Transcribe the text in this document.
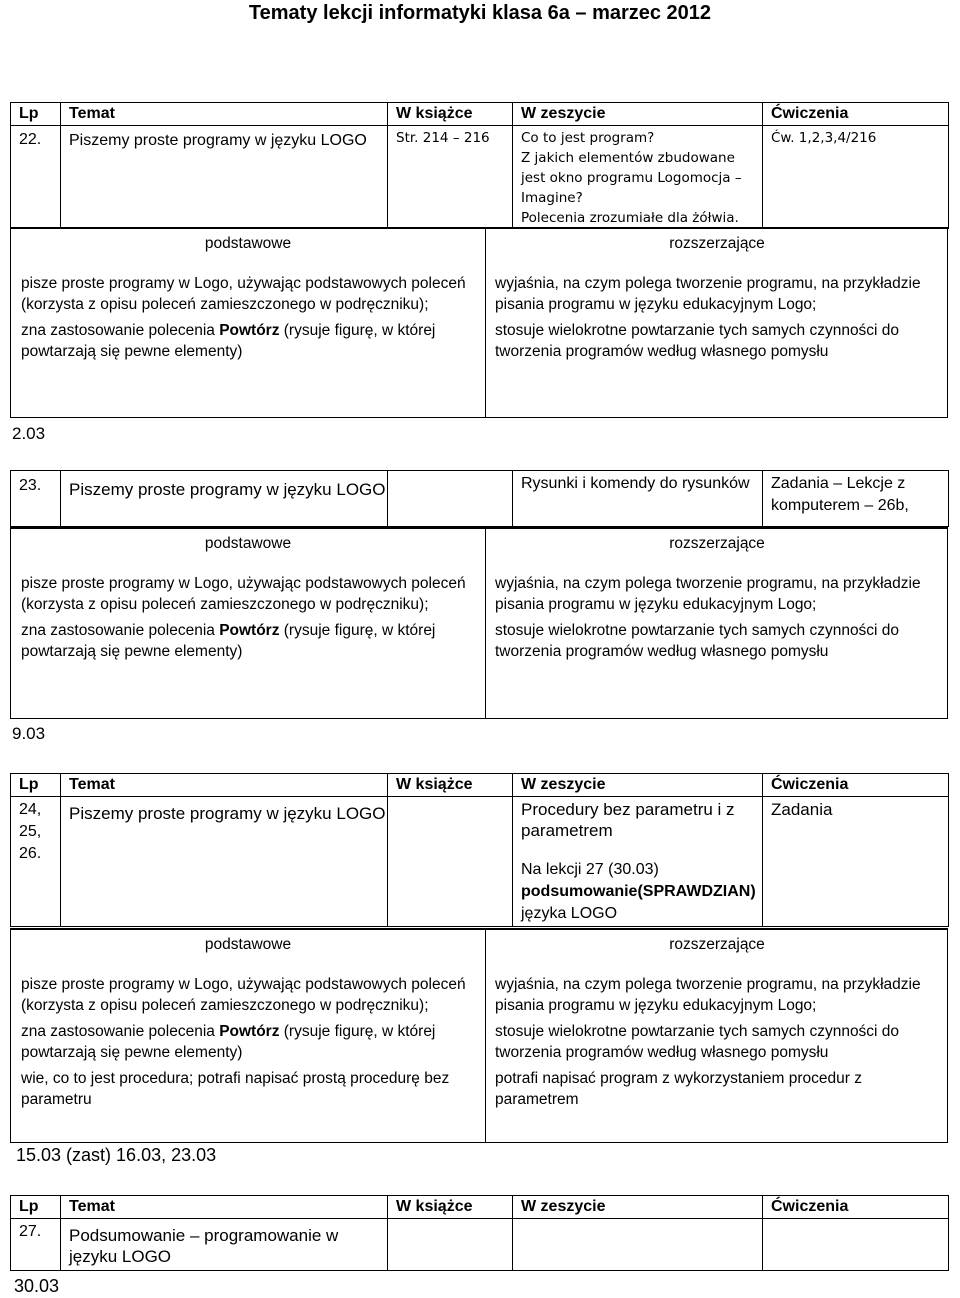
Tematy lekcji informatyki klasa 6a – marzec 2012
Lp	Temat	W książce	W zeszycie	Ćwiczenia
22.	Piszemy proste programy w języku LOGO	Str. 214 – 216	Co to jest program?
Z jakich elementów zbudowane jest okno programu Logomocja – Imagine?
Polecenia zrozumiałe dla żółwia.	Ćw. 1,2,3,4/216
podstawowe

pisze proste programy w Logo, używając podstawowych poleceń (korzysta z opisu poleceń zamieszczonego w podręczniku);

zna zastosowanie polecenia Powtórz (rysuje figurę, w której powtarzają się pewne elementy)

rozszerzające

wyjaśnia, na czym polega tworzenie programu, na przykładzie pisania programu w języku edukacyjnym Logo;

stosuje wielokrotne powtarzanie tych samych czynności do tworzenia programów według własnego pomysłu

2.03
23.	Piszemy proste programy w języku LOGO		Rysunki i komendy do rysunków	Zadania – Lekcje z komputerem – 26b,
podstawowe

pisze proste programy w Logo, używając podstawowych poleceń (korzysta z opisu poleceń zamieszczonego w podręczniku);

zna zastosowanie polecenia Powtórz (rysuje figurę, w której powtarzają się pewne elementy)

rozszerzające

wyjaśnia, na czym polega tworzenie programu, na przykładzie pisania programu w języku edukacyjnym Logo;

stosuje wielokrotne powtarzanie tych samych czynności do tworzenia programów według własnego pomysłu

9.03
Lp	Temat	W książce	W zeszycie	Ćwiczenia
24, 25, 26.	Piszemy proste programy w języku LOGO		Procedury bez parametru i z parametrem
Na lekcji 27 (30.03)
podsumowanie(SPRAWDZIAN)
języka LOGO	Zadania
podstawowe

pisze proste programy w Logo, używając podstawowych poleceń (korzysta z opisu poleceń zamieszczonego w podręczniku);

zna zastosowanie polecenia Powtórz (rysuje figurę, w której powtarzają się pewne elementy)

wie, co to jest procedura; potrafi napisać prostą procedurę bez parametru

rozszerzające

wyjaśnia, na czym polega tworzenie programu, na przykładzie pisania programu w języku edukacyjnym Logo;

stosuje wielokrotne powtarzanie tych samych czynności do tworzenia programów według własnego pomysłu

potrafi napisać program z wykorzystaniem procedur z parametrem

15.03 (zast) 16.03, 23.03
Lp	Temat	W książce	W zeszycie	Ćwiczenia
27.	Podsumowanie – programowanie w języku LOGO			
30.03
